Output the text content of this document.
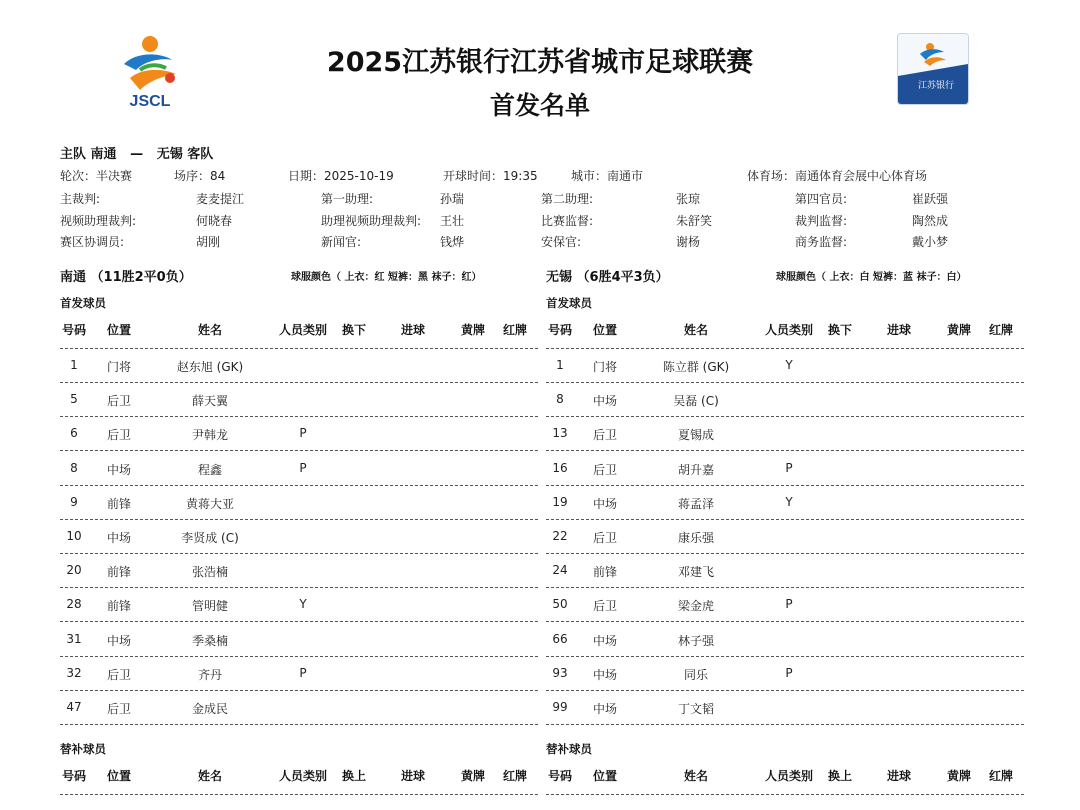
JSCL
2025江苏银行江苏省城市足球联赛
首发名单
江苏银行
主队 南通 — 无锡 客队
轮次：半决赛	场序：84	日期：2025-10-19	开球时间：19:35	城市：南通市	体育场：南通体育会展中心体育场
主裁判:	麦麦提江	第一助理:	孙瑞	第二助理:	张琼	第四官员:	崔跃强
视频助理裁判:	何晓春	助理视频助理裁判: 王壮	比赛监督:	朱舒笑	裁判监督:	陶然成
赛区协调员:	胡刚	新闻官:	钱烨	安保官:	谢杨	商务监督:	戴小梦
南通 （11胜2平0负）	球服颜色（ 上衣：红 短裤：黑 袜子：红）
首发球员
号码 位置	姓名	人员类别 换下	进球	黄牌 红牌
1 门将	赵东旭 (GK)
5 后卫	薛天翼
6 后卫	尹韩龙	P
8 中场	程鑫	P
9 前锋	黄蒋大亚
10 中场	李贤成 (C)
20 前锋	张浩楠
28 前锋	管明健	Y
31 中场	季桑楠
32 后卫	齐丹	P
47 后卫	金成民
替补球员
号码 位置	姓名	人员类别 换上	进球	黄牌 红牌
无锡 （6胜4平3负）	球服颜色（ 上衣：白 短裤：蓝 袜子：白）
首发球员
号码 位置	姓名	人员类别 换下	进球	黄牌 红牌
1 门将	陈立群 (GK)	Y
8 中场	吴磊 (C)
13 后卫	夏锡成
16 后卫	胡升嘉	P
19 中场	蒋孟泽	Y
22 后卫	康乐强
24 前锋	邓建飞
50 后卫	梁金虎	P
66 中场	林子强
93 中场	同乐	P
99 中场	丁文韬
替补球员
号码 位置	姓名	人员类别 换上	进球	黄牌 红牌
